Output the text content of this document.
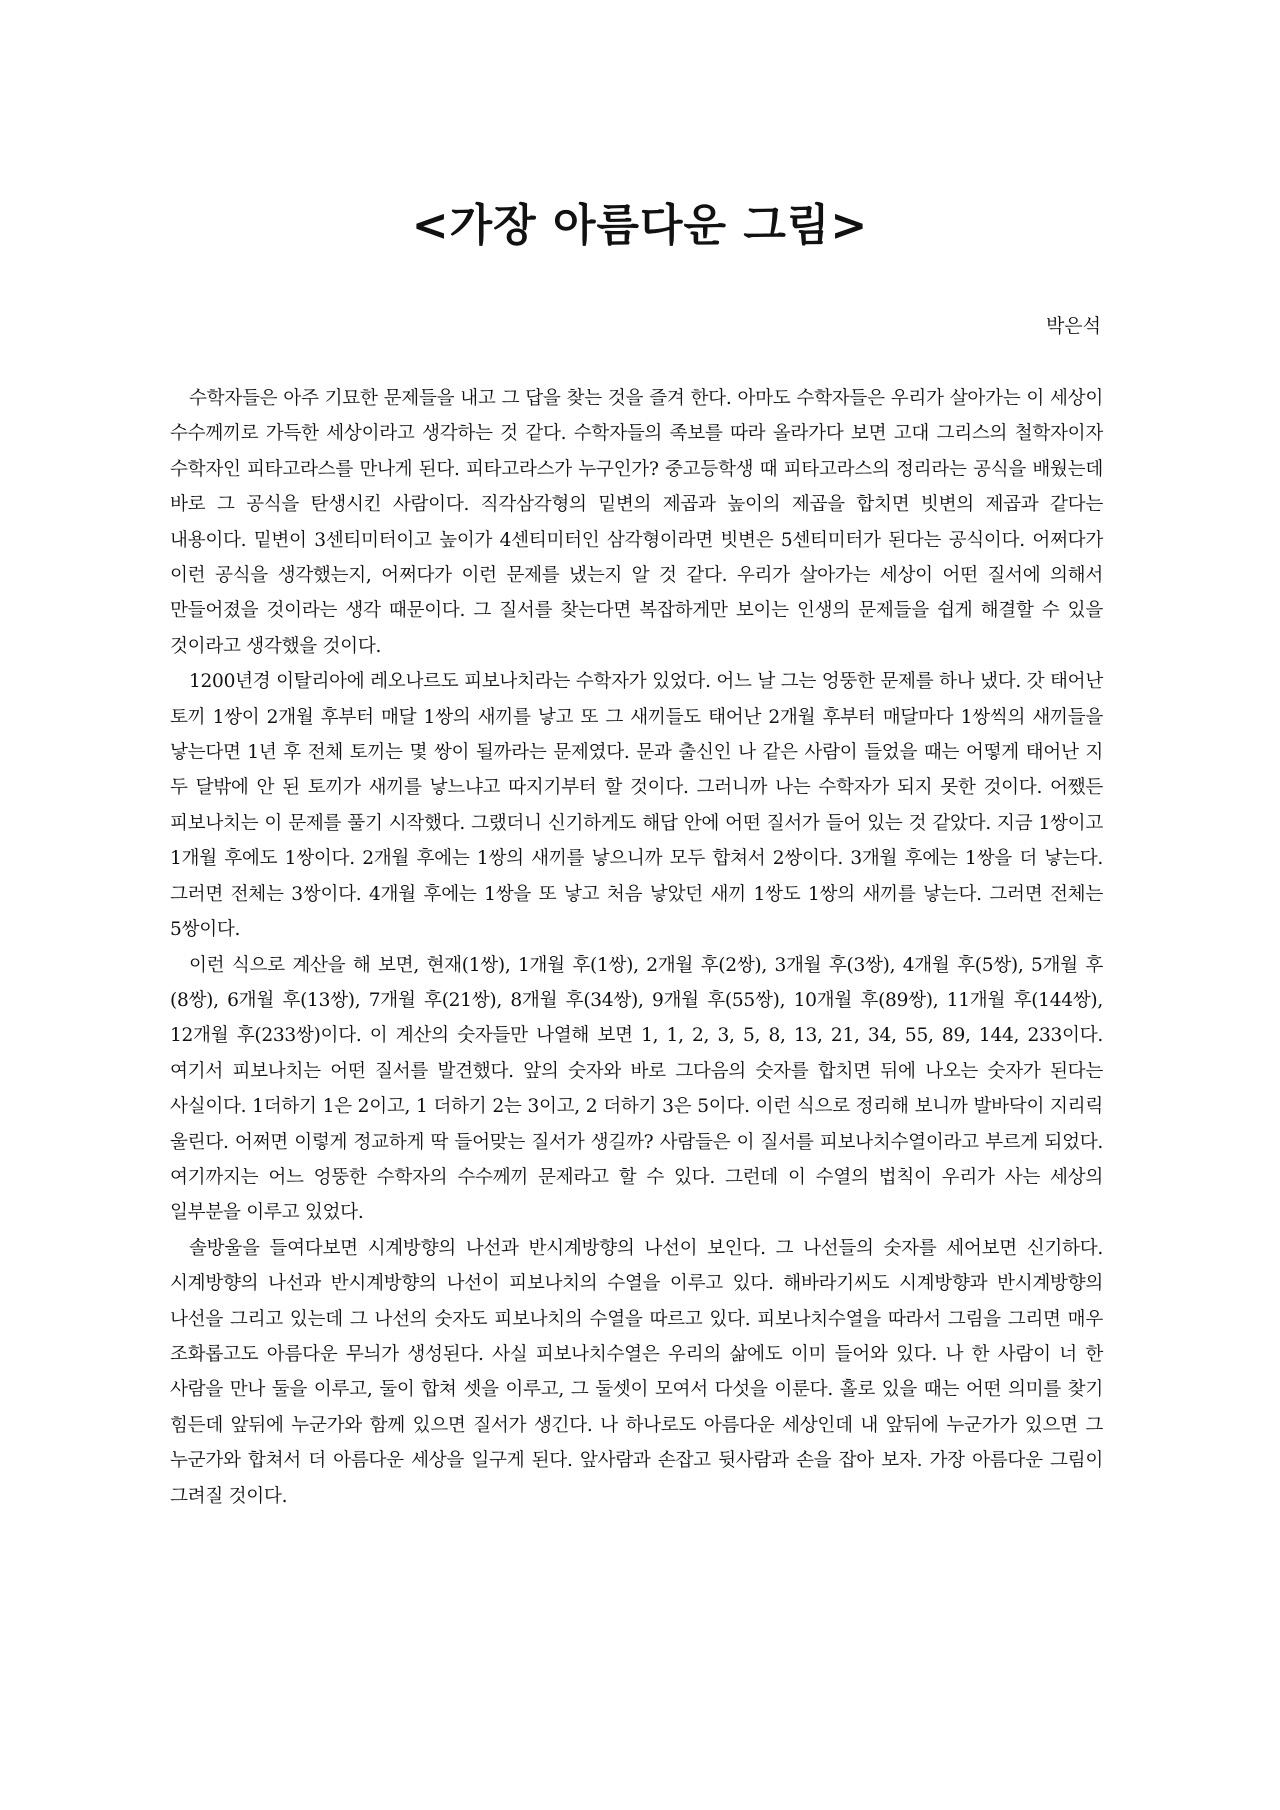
<가장 아름다운 그림>
박은석

수학자들은 아주 기묘한 문제들을 내고 그 답을 찾는 것을 즐겨 한다. 아마도 수학자들은 우리가 살아가는 이 세상이 수수께끼로 가득한 세상이라고 생각하는 것 같다. 수학자들의 족보를 따라 올라가다 보면 고대 그리스의 철학자이자 수학자인 피타고라스를 만나게 된다. 피타고라스가 누구인가? 중고등학생 때 피타고라스의 정리라는 공식을 배웠는데 바로 그 공식을 탄생시킨 사람이다. 직각삼각형의 밑변의 제곱과 높이의 제곱을 합치면 빗변의 제곱과 같다는 내용이다. 밑변이 3센티미터이고 높이가 4센티미터인 삼각형이라면 빗변은 5센티미터가 된다는 공식이다. 어쩌다가 이런 공식을 생각했는지, 어쩌다가 이런 문제를 냈는지 알 것 같다. 우리가 살아가는 세상이 어떤 질서에 의해서 만들어졌을 것이라는 생각 때문이다. 그 질서를 찾는다면 복잡하게만 보이는 인생의 문제들을 쉽게 해결할 수 있을 것이라고 생각했을 것이다.

1200년경 이탈리아에 레오나르도 피보나치라는 수학자가 있었다. 어느 날 그는 엉뚱한 문제를 하나 냈다. 갓 태어난 토끼 1쌍이 2개월 후부터 매달 1쌍의 새끼를 낳고 또 그 새끼들도 태어난 2개월 후부터 매달마다 1쌍씩의 새끼들을 낳는다면 1년 후 전체 토끼는 몇 쌍이 될까라는 문제였다. 문과 출신인 나 같은 사람이 들었을 때는 어떻게 태어난 지 두 달밖에 안 된 토끼가 새끼를 낳느냐고 따지기부터 할 것이다. 그러니까 나는 수학자가 되지 못한 것이다. 어쨌든 피보나치는 이 문제를 풀기 시작했다. 그랬더니 신기하게도 해답 안에 어떤 질서가 들어 있는 것 같았다. 지금 1쌍이고 1개월 후에도 1쌍이다. 2개월 후에는 1쌍의 새끼를 낳으니까 모두 합쳐서 2쌍이다. 3개월 후에는 1쌍을 더 낳는다. 그러면 전체는 3쌍이다. 4개월 후에는 1쌍을 또 낳고 처음 낳았던 새끼 1쌍도 1쌍의 새끼를 낳는다. 그러면 전체는 5쌍이다.

이런 식으로 계산을 해 보면, 현재(1쌍), 1개월 후(1쌍), 2개월 후(2쌍), 3개월 후(3쌍), 4개월 후(5쌍), 5개월 후(8쌍), 6개월 후(13쌍), 7개월 후(21쌍), 8개월 후(34쌍), 9개월 후(55쌍), 10개월 후(89쌍), 11개월 후(144쌍), 12개월 후(233쌍)이다. 이 계산의 숫자들만 나열해 보면 1, 1, 2, 3, 5, 8, 13, 21, 34, 55, 89, 144, 233이다. 여기서 피보나치는 어떤 질서를 발견했다. 앞의 숫자와 바로 그다음의 숫자를 합치면 뒤에 나오는 숫자가 된다는 사실이다. 1더하기 1은 2이고, 1 더하기 2는 3이고, 2 더하기 3은 5이다. 이런 식으로 정리해 보니까 발바닥이 지리릭 울린다. 어쩌면 이렇게 정교하게 딱 들어맞는 질서가 생길까? 사람들은 이 질서를 피보나치수열이라고 부르게 되었다. 여기까지는 어느 엉뚱한 수학자의 수수께끼 문제라고 할 수 있다. 그런데 이 수열의 법칙이 우리가 사는 세상의 일부분을 이루고 있었다.

솔방울을 들여다보면 시계방향의 나선과 반시계방향의 나선이 보인다. 그 나선들의 숫자를 세어보면 신기하다. 시계방향의 나선과 반시계방향의 나선이 피보나치의 수열을 이루고 있다. 해바라기씨도 시계방향과 반시계방향의 나선을 그리고 있는데 그 나선의 숫자도 피보나치의 수열을 따르고 있다. 피보나치수열을 따라서 그림을 그리면 매우 조화롭고도 아름다운 무늬가 생성된다. 사실 피보나치수열은 우리의 삶에도 이미 들어와 있다. 나 한 사람이 너 한 사람을 만나 둘을 이루고, 둘이 합쳐 셋을 이루고, 그 둘셋이 모여서 다섯을 이룬다. 홀로 있을 때는 어떤 의미를 찾기 힘든데 앞뒤에 누군가와 함께 있으면 질서가 생긴다. 나 하나로도 아름다운 세상인데 내 앞뒤에 누군가가 있으면 그 누군가와 합쳐서 더 아름다운 세상을 일구게 된다. 앞사람과 손잡고 뒷사람과 손을 잡아 보자. 가장 아름다운 그림이 그려질 것이다.
